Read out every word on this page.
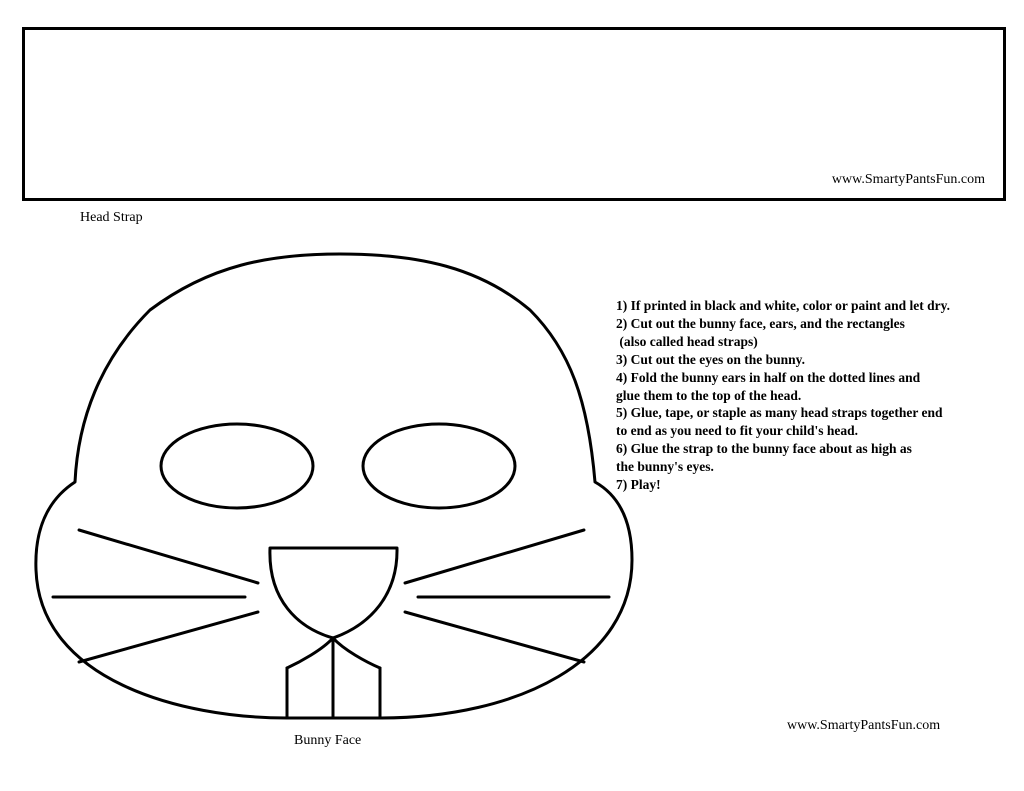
www.SmartyPantsFun.com
Head Strap
Bunny Face
1) If printed in black and white, color or paint and let dry.
2) Cut out the bunny face, ears, and the rectangles
(also called head straps)
3) Cut out the eyes on the bunny.
4) Fold the bunny ears in half on the dotted lines and
glue them to the top of the head.
5) Glue, tape, or staple as many head straps together end
to end as you need to fit your child's head.
6) Glue the strap to the bunny face about as high as
the bunny's eyes.
7) Play!
www.SmartyPantsFun.com
